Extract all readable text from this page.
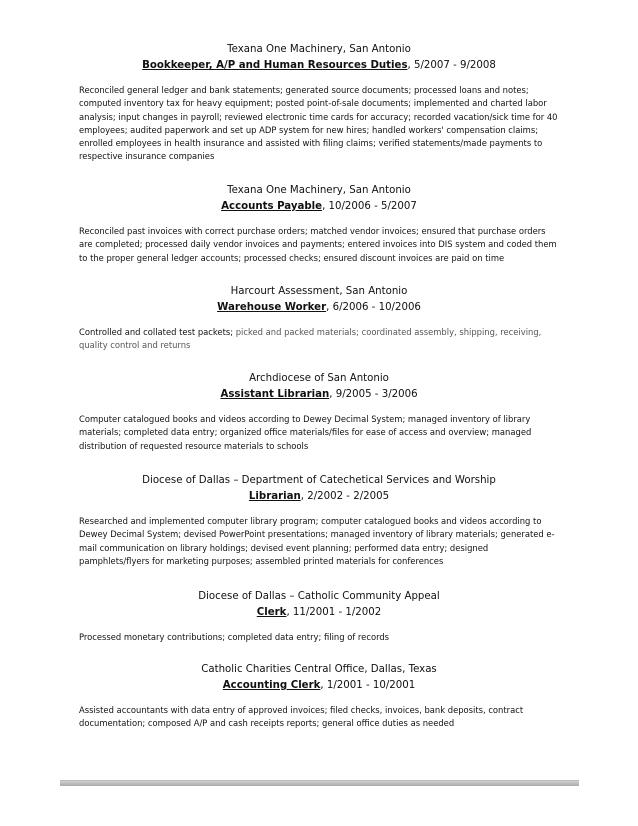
Texana One Machinery, San Antonio
Bookkeeper, A/P and Human Resources Duties, 5/2007 - 9/2008

Reconciled general ledger and bank statements; generated source documents; processed loans and notes; computed inventory tax for heavy equipment; posted point-of-sale documents; implemented and charted labor analysis; input changes in payroll; reviewed electronic time cards for accuracy; recorded vacation/sick time for 40 employees; audited paperwork and set up ADP system for new hires; handled workers' compensation claims; enrolled employees in health insurance and assisted with filing claims; verified statements/made payments to respective insurance companies

Texana One Machinery, San Antonio
Accounts Payable, 10/2006 - 5/2007

Reconciled past invoices with correct purchase orders; matched vendor invoices; ensured that purchase orders are completed; processed daily vendor invoices and payments; entered invoices into DIS system and coded them to the proper general ledger accounts; processed checks; ensured discount invoices are paid on time

Harcourt Assessment, San Antonio
Warehouse Worker, 6/2006 - 10/2006

Controlled and collated test packets; picked and packed materials; coordinated assembly, shipping, receiving, quality control and returns

Archdiocese of San Antonio
Assistant Librarian, 9/2005 - 3/2006

Computer catalogued books and videos according to Dewey Decimal System; managed inventory of library materials; completed data entry; organized office materials/files for ease of access and overview; managed distribution of requested resource materials to schools

Diocese of Dallas – Department of Catechetical Services and Worship
Librarian, 2/2002 - 2/2005

Researched and implemented computer library program; computer catalogued books and videos according to Dewey Decimal System; devised PowerPoint presentations; managed inventory of library materials; generated e-mail communication on library holdings; devised event planning; performed data entry; designed pamphlets/flyers for marketing purposes; assembled printed materials for conferences

Diocese of Dallas – Catholic Community Appeal
Clerk, 11/2001 - 1/2002

Processed monetary contributions; completed data entry; filing of records

Catholic Charities Central Office, Dallas, Texas
Accounting Clerk, 1/2001 - 10/2001

Assisted accountants with data entry of approved invoices; filed checks, invoices, bank deposits, contract documentation; composed A/P and cash receipts reports; general office duties as needed
